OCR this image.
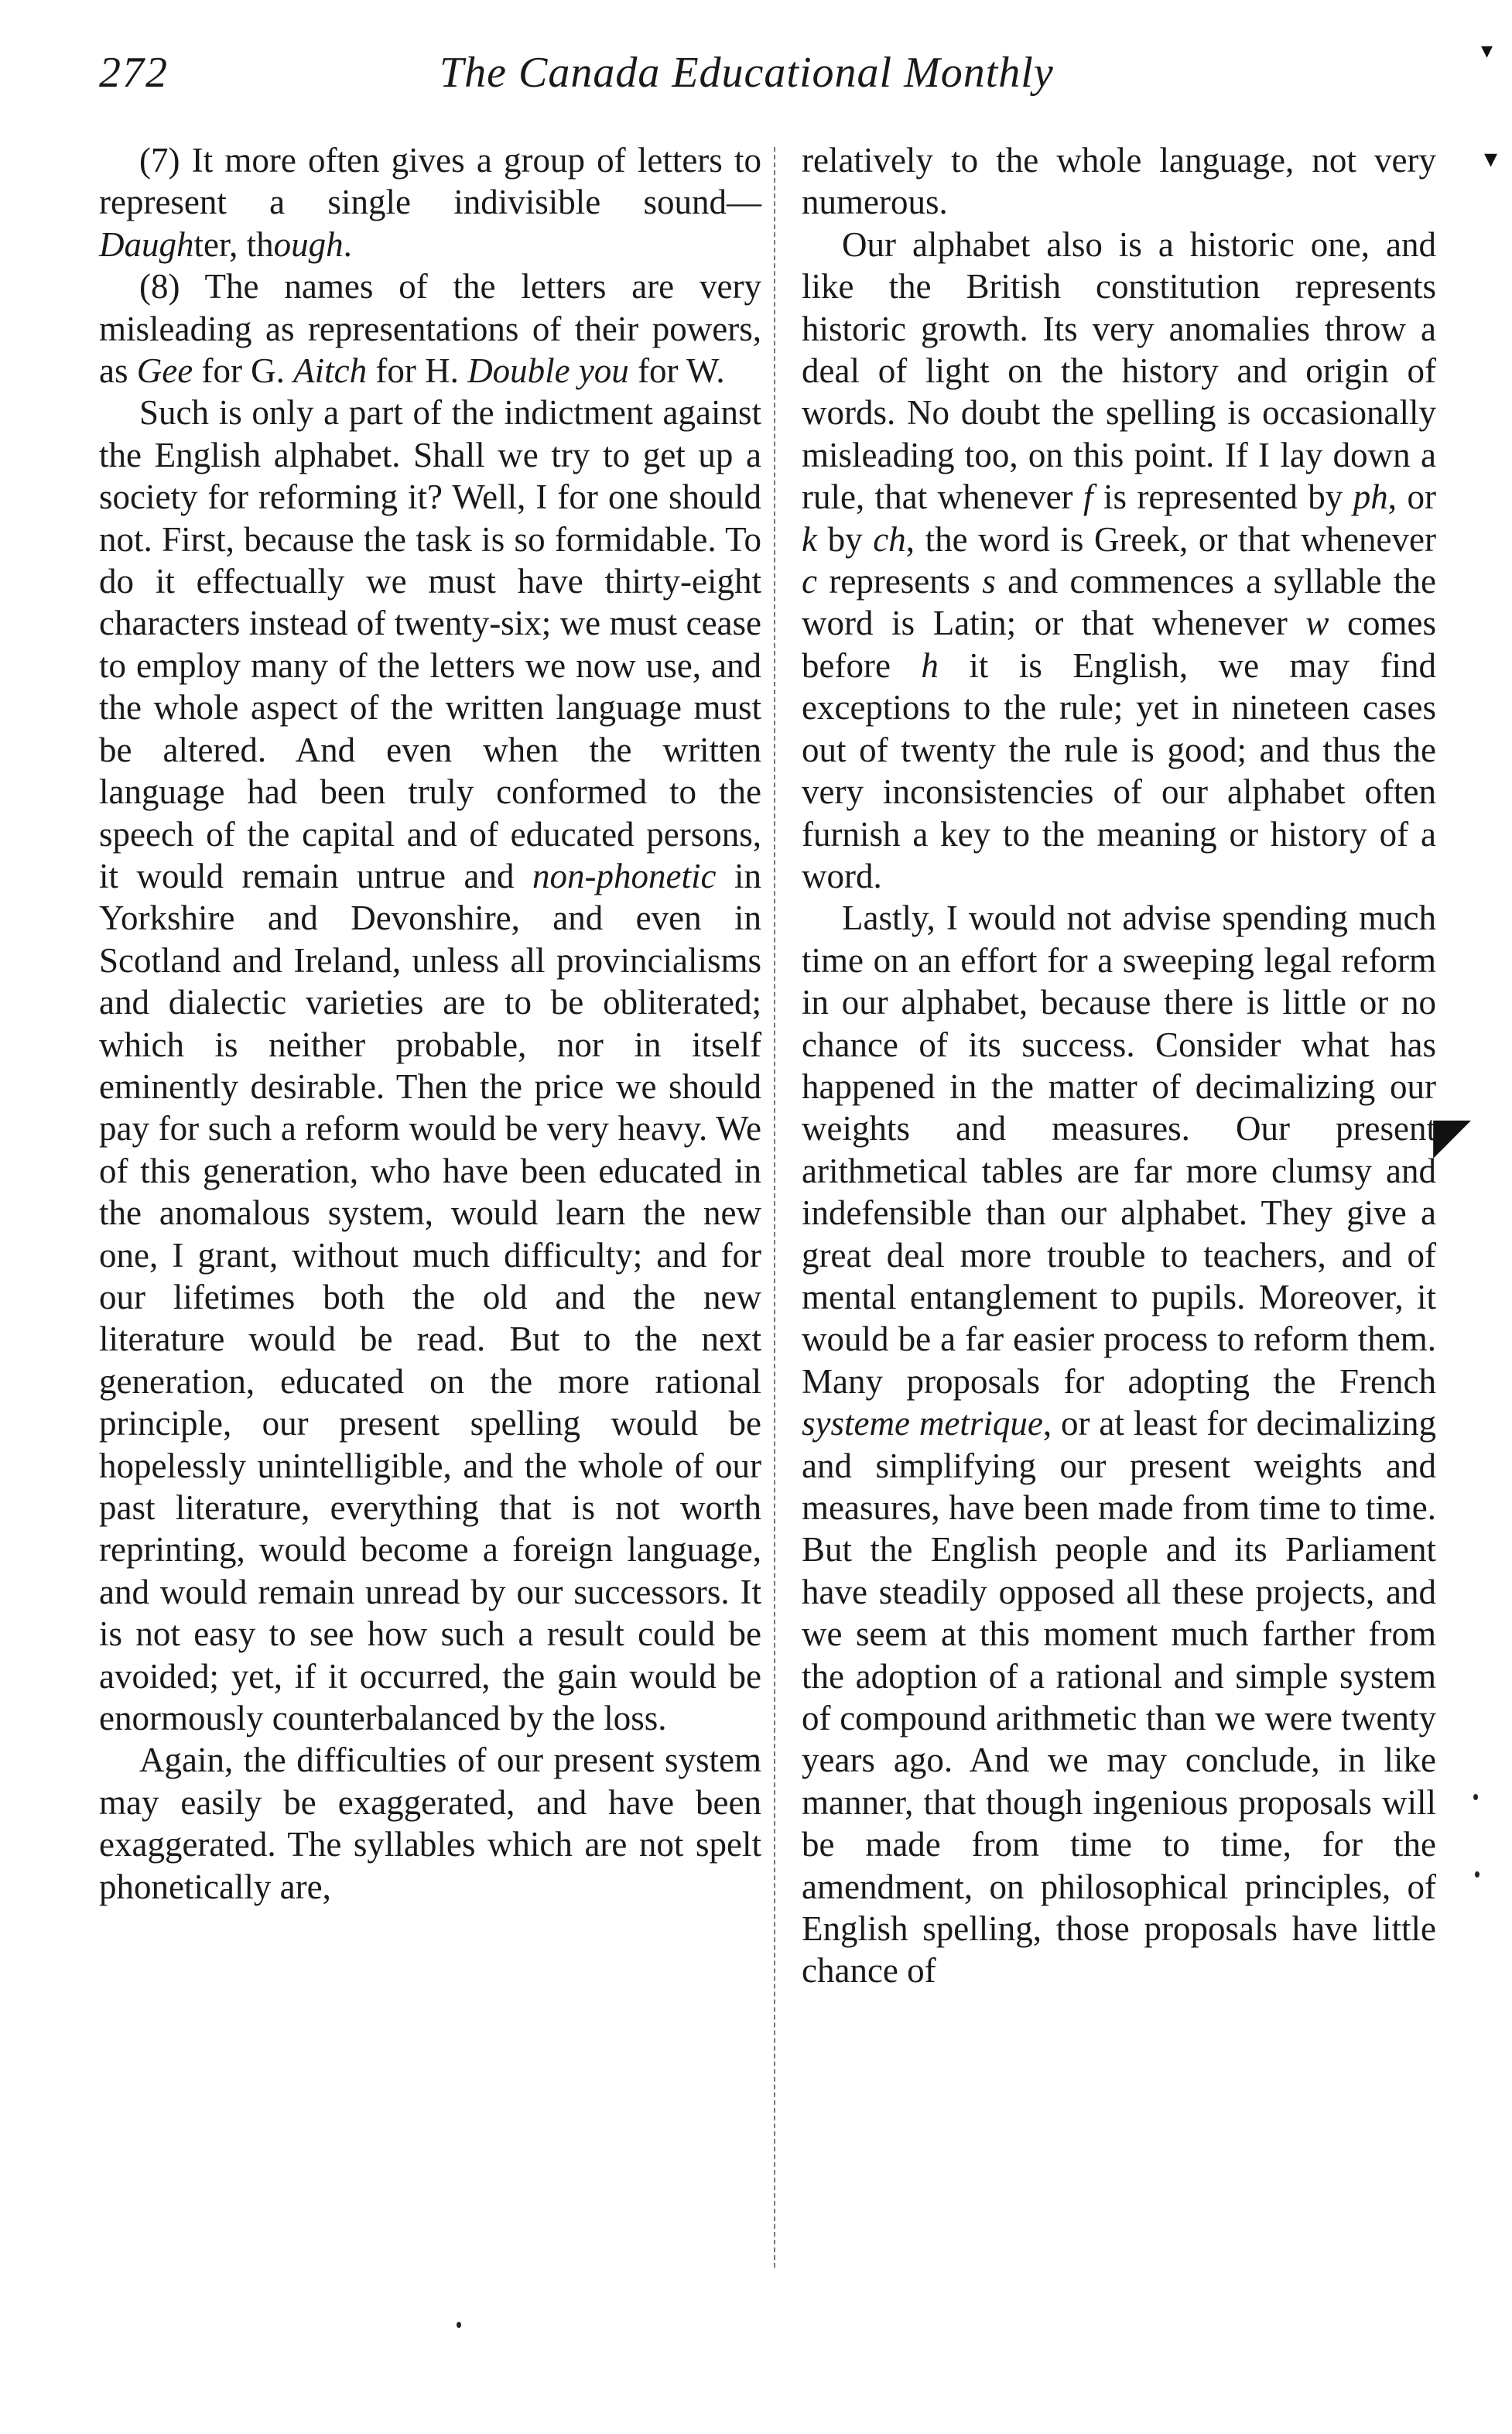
272	The Canada Educational Monthly

(7) It more often gives a group of letters to represent a single indivisible sound—Daughter, though.

(8) The names of the letters are very misleading as representations of their powers, as Gee for G. Aitch for H. Double you for W.

Such is only a part of the indictment against the English alphabet. Shall we try to get up a society for reforming it? Well, I for one should not. First, because the task is so formidable. To do it effectually we must have thirty-eight characters instead of twenty-six; we must cease to employ many of the letters we now use, and the whole aspect of the written language must be altered. And even when the written language had been truly conformed to the speech of the capital and of educated persons, it would remain untrue and non-phonetic in Yorkshire and Devonshire, and even in Scotland and Ireland, unless all provincialisms and dialectic varieties are to be obliterated; which is neither probable, nor in itself eminently desirable. Then the price we should pay for such a reform would be very heavy. We of this generation, who have been educated in the anomalous system, would learn the new one, I grant, without much difficulty; and for our lifetimes both the old and the new literature would be read. But to the next generation, educated on the more rational principle, our present spelling would be hopelessly unintelligible, and the whole of our past literature, everything that is not worth reprinting, would become a foreign language, and would remain unread by our successors. It is not easy to see how such a result could be avoided; yet, if it occurred, the gain would be enormously counterbalanced by the loss.

Again, the difficulties of our present system may easily be exaggerated, and have been exaggerated. The syllables which are not spelt phonetically are,

relatively to the whole language, not very numerous.

Our alphabet also is a historic one, and like the British constitution represents historic growth. Its very anomalies throw a deal of light on the history and origin of words. No doubt the spelling is occasionally misleading too, on this point. If I lay down a rule, that whenever f is represented by ph, or k by ch, the word is Greek, or that whenever c represents s and commences a syllable the word is Latin; or that whenever w comes before h it is English, we may find exceptions to the rule; yet in nineteen cases out of twenty the rule is good; and thus the very inconsistencies of our alphabet often furnish a key to the meaning or history of a word.

Lastly, I would not advise spending much time on an effort for a sweeping legal reform in our alphabet, because there is little or no chance of its success. Consider what has happened in the matter of decimalizing our weights and measures. Our present arithmetical tables are far more clumsy and indefensible than our alphabet. They give a great deal more trouble to teachers, and of mental entanglement to pupils. Moreover, it would be a far easier process to reform them. Many proposals for adopting the French systeme metrique, or at least for decimalizing and simplifying our present weights and measures, have been made from time to time. But the English people and its Parliament have steadily opposed all these projects, and we seem at this moment much farther from the adoption of a rational and simple system of compound arithmetic than we were twenty years ago. And we may conclude, in like manner, that though ingenious proposals will be made from time to time, for the amendment, on philosophical principles, of English spelling, those proposals have little chance of

▾
▾
◤
